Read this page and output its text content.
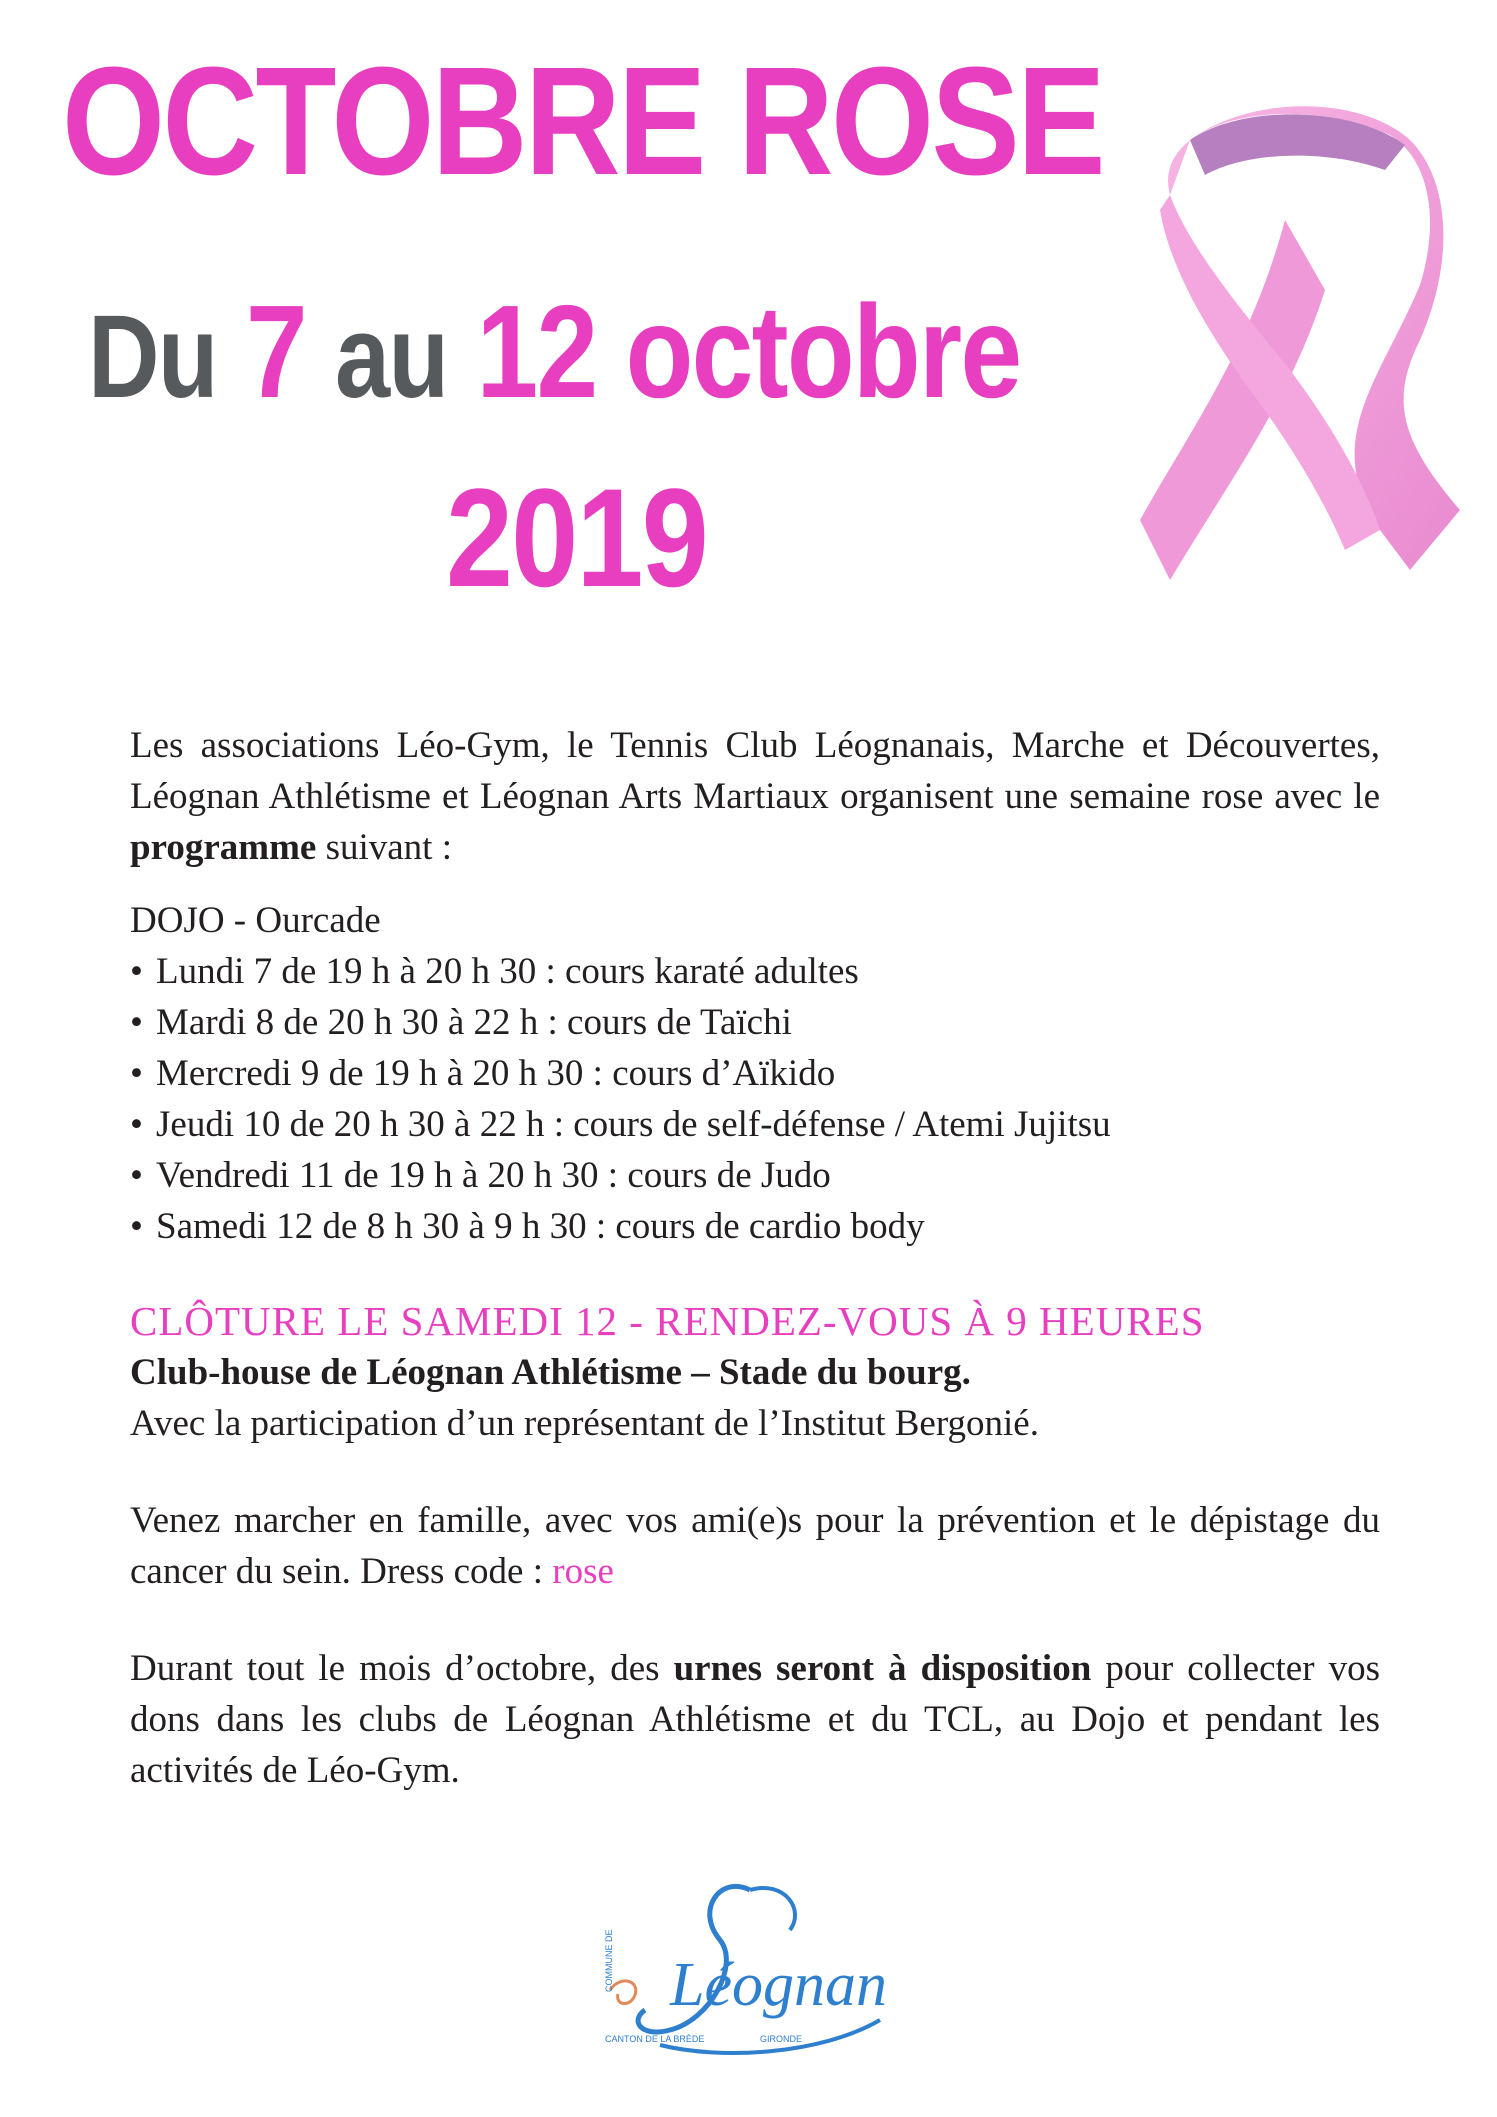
OCTOBRE ROSE
Du 7 au 12 octobre
2019

Les associations Léo-Gym, le Tennis Club Léognanais, Marche et Découvertes, Léognan Athlétisme et Léognan Arts Martiaux organisent une semaine rose avec le programme suivant :

DOJO - Ourcade

• Lundi 7 de 19 h à 20 h 30 : cours karaté adultes
• Mardi 8 de 20 h 30 à 22 h : cours de Taïchi
• Mercredi 9 de 19 h à 20 h 30 : cours d’Aïkido
• Jeudi 10 de 20 h 30 à 22 h : cours de self-défense / Atemi Jujitsu
• Vendredi 11 de 19 h à 20 h 30 : cours de Judo
• Samedi 12 de 8 h 30 à 9 h 30 : cours de cardio body

CLÔTURE LE SAMEDI 12 - RENDEZ-VOUS À 9 HEURES

Club-house de Léognan Athlétisme – Stade du bourg.

Avec la participation d’un représentant de l’Institut Bergonié.

Venez marcher en famille, avec vos ami(e)s pour la prévention et le dépistage du cancer du sein. Dress code : rose

Durant tout le mois d’octobre, des urnes seront à disposition pour collecter vos dons dans les clubs de Léognan Athlétisme et du TCL, au Dojo et pendant les activités de Léo-Gym.

COMMUNE DE Léognan
CANTON DE LA BRÈDE	GIRONDE
